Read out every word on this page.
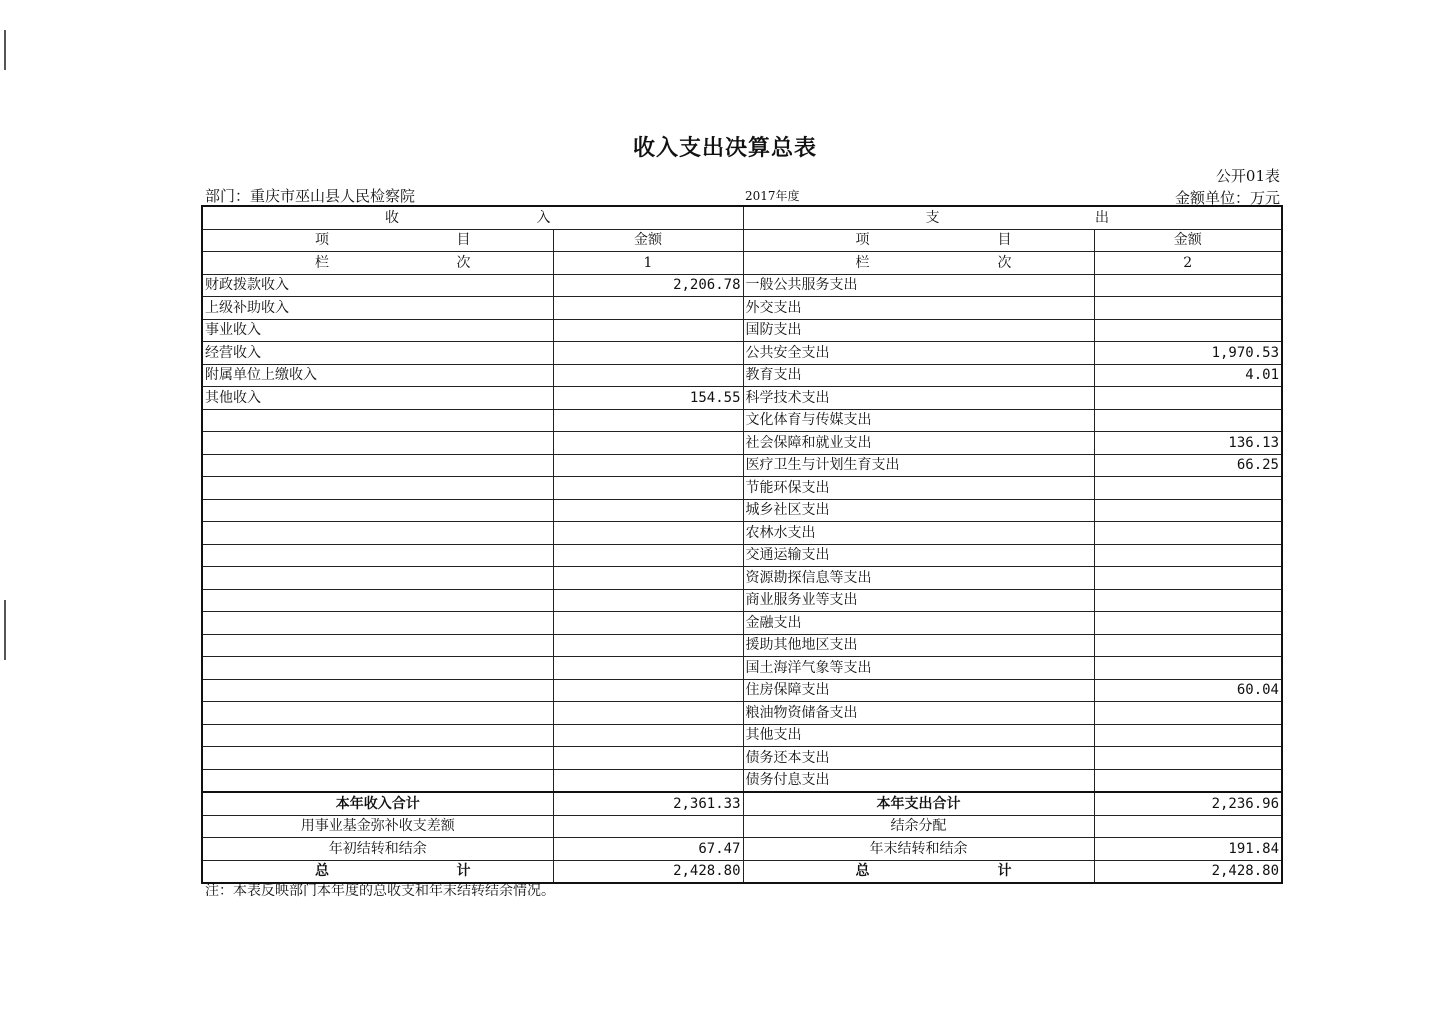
收入支出决算总表
公开01表
部门：重庆市巫山县人民检察院	2017年度	金额单位：万元
收 入		支 出	

项 目	金额	项 目	金额

栏 次	1	栏 次	2
财政拨款收入	2,206.78	一般公共服务支出	
上级补助收入		外交支出	
事业收入		国防支出	
经营收入		公共安全支出	1,970.53
附属单位上缴收入		教育支出	4.01
其他收入	154.55	科学技术支出	
		文化体育与传媒支出	
		社会保障和就业支出	136.13
		医疗卫生与计划生育支出	66.25
		节能环保支出	
		城乡社区支出	
		农林水支出	
		交通运输支出	
		资源勘探信息等支出	
		商业服务业等支出	
		金融支出	
		援助其他地区支出	
		国土海洋气象等支出	
		住房保障支出	60.04
		粮油物资储备支出	
		其他支出	
		债务还本支出	
		债务付息支出	
本年收入合计	2,361.33	本年支出合计	2,236.96
用事业基金弥补收支差额		结余分配	
年初结转和结余	67.47	年末结转和结余	191.84

总 计	2,428.80	总 计	2,428.80
注：本表反映部门本年度的总收支和年末结转结余情况。
